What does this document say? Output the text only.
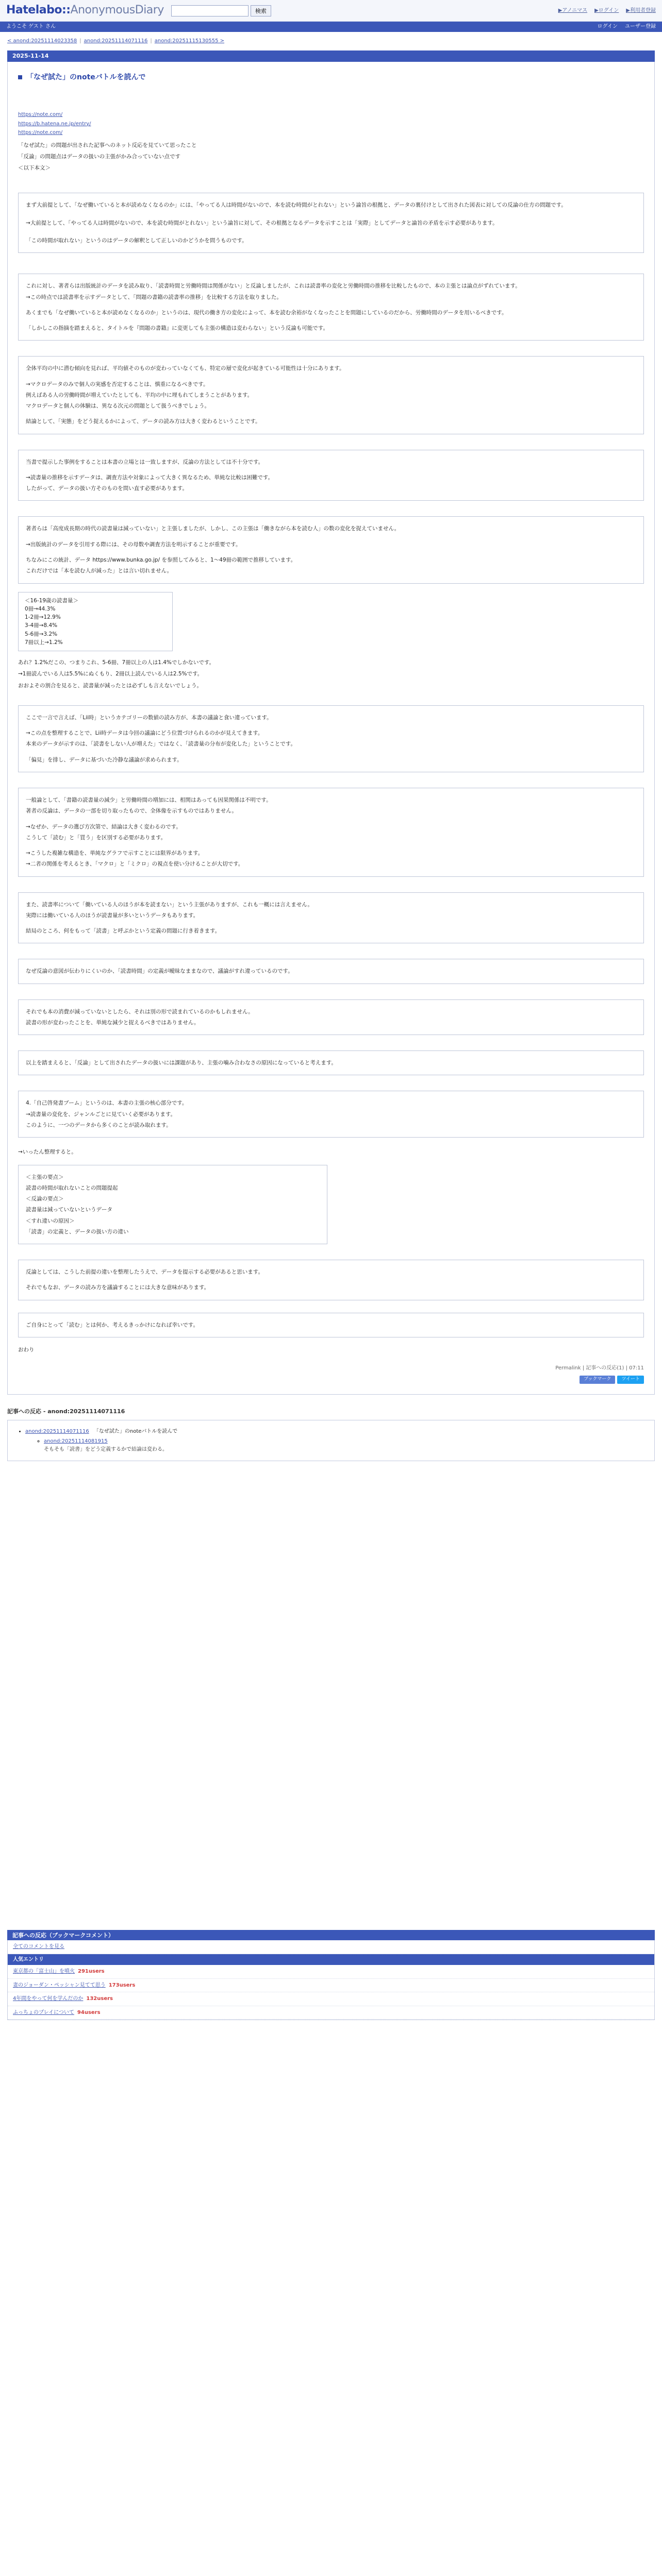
Hatelabo::AnonymousDiary	検索	▶アノニマス ▶ログイン ▶利用者登録
ようこそ ゲスト さん	ログイン ユーザー登録
< anond:20251114023358 | anond:20251114071116 | anond:20251115130555 >
2025-11-14
「なぜ試た」のnoteバトルを読んで
https://note.com/
https://b.hatena.ne.jp/entry/
https://note.com/

「なぜ試た」の問題が出された記事へのネット反応を見ていて思ったこと

「反論」の問題点はデータの扱いの主張がかみ合っていない点です

＜以下本文＞

まず大前提として、「なぜ働いていると本が読めなくなるのか」には、「やってる人は時間がないので、本を読む時間がとれない」という論旨の根拠と、データの裏付けとして出された図表に対しての反論の仕方の問題です。

→大前提として、「やってる人は時間がないので、本を読む時間がとれない」という論旨に対して、その根拠となるデータを示すことは「実際」としてデータと論旨の矛盾を示す必要があります。

「この時間が取れない」というのはデータの解釈として正しいのかどうかを問うものです。

これに対し、著者らは出版統計のデータを読み取り、「読書時間と労働時間は関係がない」と反論しましたが、これは読書率の変化と労働時間の推移を比較したもので、本の主張とは論点がずれています。

→この時点では読書率を示すデータとして、「問題の書籍の読書率の推移」を比較する方法を取りました。

あくまでも「なぜ働いていると本が読めなくなるのか」というのは、現代の働き方の変化によって、本を読む余裕がなくなったことを問題にしているのだから、労働時間のデータを用いるべきです。

「しかしこの指摘を踏まえると、タイトルを『問題の書籍』に変更しても主張の構造は変わらない」という反論も可能です。

全体平均の中に潜む傾向を見れば、平均値そのものが変わっていなくても、特定の層で変化が起きている可能性は十分にあります。

→マクロデータのみで個人の実感を否定することは、慎重になるべきです。

例えばある人の労働時間が増えていたとしても、平均の中に埋もれてしまうことがあります。

マクロデータと個人の体験は、異なる次元の問題として扱うべきでしょう。

結論として、「実態」をどう捉えるかによって、データの読み方は大きく変わるということです。

当書で提示した事例をすることは本書の立場とは一致しますが、反論の方法としては不十分です。

→読書量の推移を示すデータは、調査方法や対象によって大きく異なるため、単純な比較は困難です。

したがって、データの扱い方そのものを問い直す必要があります。

著者らは「高度成長期の時代の読書量は減っていない」と主張しましたが、しかし、この主張は「働きながら本を読む人」の数の変化を捉えていません。

→出版統計のデータを引用する際には、その母数や調査方法を明示することが重要です。

ちなみにこの統計、データ https://www.bunka.go.jp/ を参照してみると、1〜49冊の範囲で推移しています。

これだけでは「本を読む人が減った」とは言い切れません。

＜16-19歳の読書量＞
0冊→44.3%
1-2冊→12.9%
3-4冊→8.4%
5-6冊→3.2%
7冊以上→1.2%

あれ？1.2%だこの、つまりこれ、5-6冊、7冊以上の人は1.4%でしかないです。

→1冊読んでいる人は5.5%にぬくもり、2冊以上読んでいる人は2.5%です。

おおよその割合を見ると、読書量が減ったとは必ずしも言えないでしょう。

ここで一言で言えば、「Lii時」というカテゴリーの数値の読み方が、本書の議論と食い違っています。

→この点を整理することで、Lii時データは今回の議論にどう位置づけられるのかが見えてきます。

本来のデータが示すのは、「読書をしない人が増えた」ではなく、「読書量の分布が変化した」ということです。

「偏見」を排し、データに基づいた冷静な議論が求められます。

一般論として、「書籍の読書量の減少」と労働時間の増加には、相関はあっても因果関係は不明です。

著者の反論は、データの一部を切り取ったもので、全体像を示すものではありません。

→なぜか、データの選び方次第で、結論は大きく変わるのです。

こうして「読む」と「買う」を区別する必要があります。

→こうした複雑な構造を、単純なグラフで示すことには限界があります。

→二者の関係を考えるとき、「マクロ」と「ミクロ」の視点を使い分けることが大切です。

また、読書率について「働いている人のほうが本を読まない」という主張がありますが、これも一概には言えません。

実際には働いている人のほうが読書量が多いというデータもあります。

結局のところ、何をもって「読書」と呼ぶかという定義の問題に行き着きます。

なぜ反論の意図が伝わりにくいのか、「読書時間」の定義が曖昧なままなので、議論がすれ違っているのです。

それでも本の消費が減っていないとしたら、それは別の形で読まれているのかもしれません。

読書の形が変わったことを、単純な減少と捉えるべきではありません。

以上を踏まえると、「反論」として出されたデータの扱いには課題があり、主張の噛み合わなさの原因になっていると考えます。

4.「自己啓発書ブーム」というのは、本書の主張の核心部分です。

→読書量の変化を、ジャンルごとに見ていく必要があります。

このように、一つのデータから多くのことが読み取れます。

→いったん整理すると。

＜主張の要点＞

読書の時間が取れないことの問題提起

＜反論の要点＞

読書量は減っていないというデータ

＜すれ違いの原因＞

「読書」の定義と、データの扱い方の違い

反論としては、こうした前提の違いを整理したうえで、データを提示する必要があると思います。

それでもなお、データの読み方を議論することには大きな意味があります。

ご自身にとって「読む」とは何か、考えるきっかけになれば幸いです。

おわり

Permalink | 記事への反応(1) | 07:11
ブックマーク	ツイート
記事への反応 - anond:20251114071116
• anond:20251114071116 「なぜ試た」のnoteバトルを読んで
◦ anond:20251114081915
そもそも「読書」をどう定義するかで結論は変わる。
記事への反応（ブックマークコメント）
全てのコメントを見る
人気エントリ
東京都の「富士山」を噴火 291users
妻のジョーダン・ペッシャン見てて思う 173users
4年間をやって何を学んだのか 132users
ふっちょのプレイについて 94users
